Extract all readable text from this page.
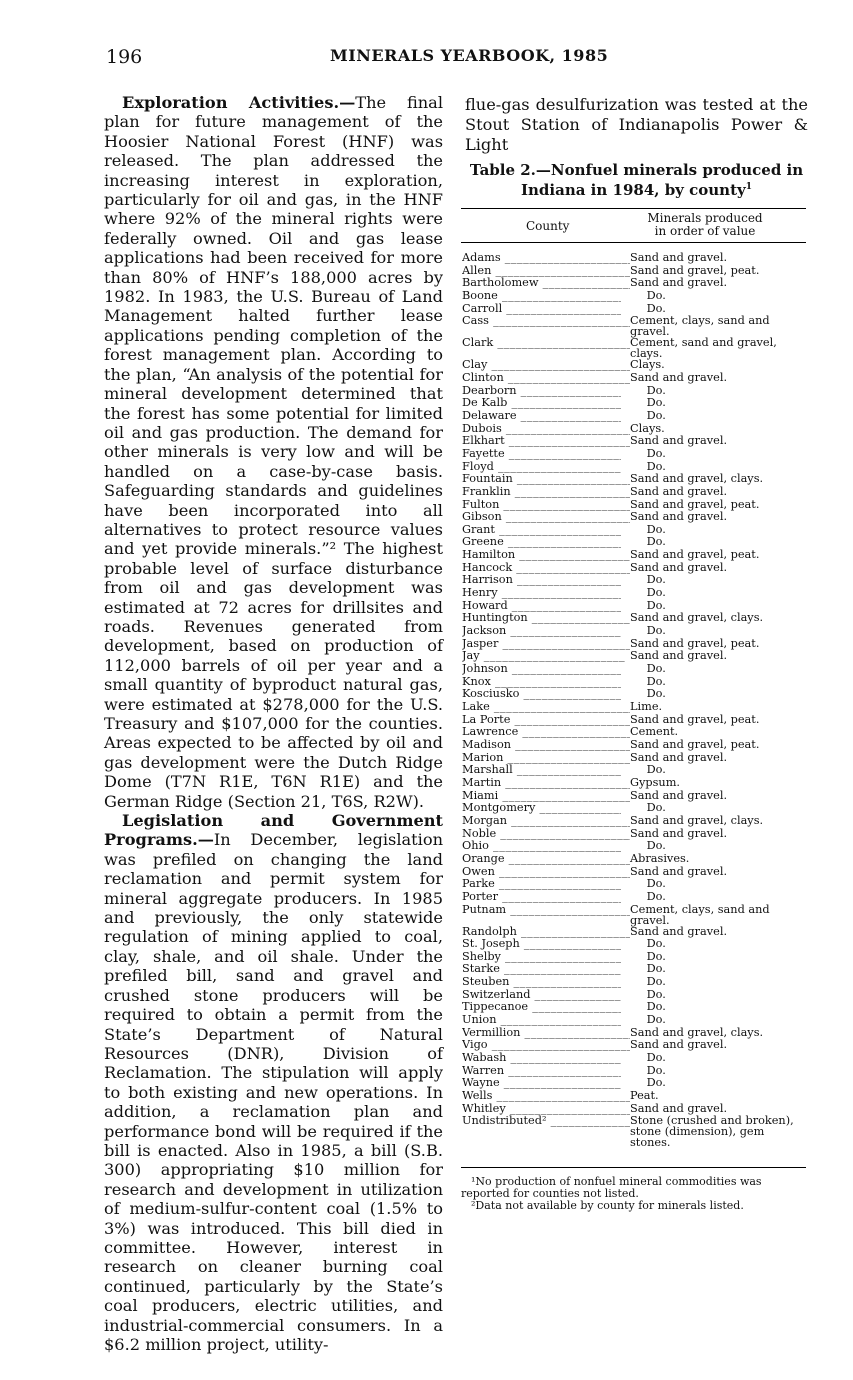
196	MINERALS YEARBOOK, 1985

Exploration Activities.—The final plan for future management of the Hoosier National Forest (HNF) was released. The plan addressed the increasing interest in exploration, particularly for oil and gas, in the HNF where 92% of the mineral rights were federally owned. Oil and gas lease applications had been received for more than 80% of HNF’s 188,000 acres by 1982. In 1983, the U.S. Bureau of Land Management halted further lease applications pending completion of the forest management plan. According to the plan, “An analysis of the potential for mineral development determined that the forest has some potential for limited oil and gas production. The demand for other minerals is very low and will be handled on a case-by-case basis. Safeguarding standards and guidelines have been incorporated into all alternatives to protect resource values and yet provide minerals.”² The highest probable level of surface disturbance from oil and gas development was estimated at 72 acres for drillsites and roads. Revenues generated from development, based on production of 112,000 barrels of oil per year and a small quantity of byproduct natural gas, were estimated at $278,000 for the U.S. Treasury and $107,000 for the counties. Areas expected to be affected by oil and gas development were the Dutch Ridge Dome (T7N R1E, T6N R1E) and the German Ridge (Section 21, T6S, R2W).

Legislation and Government Programs.—In December, legislation was prefiled on changing the land reclamation and permit system for mineral aggregate producers. In 1985 and previously, the only statewide regulation of mining applied to coal, clay, shale, and oil shale. Under the prefiled bill, sand and gravel and crushed stone producers will be required to obtain a permit from the State’s Department of Natural Resources (DNR), Division of Reclamation. The stipulation will apply to both existing and new operations. In addition, a reclamation plan and performance bond will be required if the bill is enacted. Also in 1985, a bill (S.B. 300) appropriating $10 million for research and development in utilization of medium-sulfur-content coal (1.5% to 3%) was introduced. This bill died in committee. However, interest in research on cleaner burning coal continued, particularly by the State’s coal producers, electric utilities, and industrial-commercial consumers. In a $6.2 million project, utility-

flue-gas desulfurization was tested at the Stout Station of Indianapolis Power & Light
Table 2.—Nonfuel minerals produced in
Indiana in 1984, by county$^1$
County
Minerals produced
in order of value
Adams _____	Sand and gravel.
Allen _____	Sand and gravel, peat.
Bartholomew _____	Sand and gravel.
Boone _____	Do.
Carroll _____	Do.
Cass _____	Cement, clays, sand and gravel.
Clark _____	Cement, sand and gravel, clays.
Clay _____	Clays.
Clinton _____	Sand and gravel.
Dearborn _____	Do.
De Kalb _____	Do.
Delaware _____	Do.
Dubois _____	Clays.
Elkhart _____	Sand and gravel.
Fayette _____	Do.
Floyd _____	Do.
Fountain _____	Sand and gravel, clays.
Franklin _____	Sand and gravel.
Fulton _____	Sand and gravel, peat.
Gibson _____	Sand and gravel.
Grant _____	Do.
Greene _____	Do.
Hamilton _____	Sand and gravel, peat.
Hancock _____	Sand and gravel.
Harrison _____	Do.
Henry _____	Do.
Howard _____	Do.
Huntington _____	Sand and gravel, clays.
Jackson _____	Do.
Jasper _____	Sand and gravel, peat.
Jay _____	Sand and gravel.
Johnson _____	Do.
Knox _____	Do.
Kosciusko _____	Do.
Lake _____	Lime.
La Porte _____	Sand and gravel, peat.
Lawrence _____	Cement.
Madison _____	Sand and gravel, peat.
Marion _____	Sand and gravel.
Marshall _____	Do.
Martin _____	Gypsum.
Miami _____	Sand and gravel.
Montgomery _____	Do.
Morgan _____	Sand and gravel, clays.
Noble _____	Sand and gravel.
Ohio _____	Do.
Orange _____	Abrasives.
Owen _____	Sand and gravel.
Parke _____	Do.
Porter _____	Do.
Putnam _____	Cement, clays, sand and gravel.
Randolph _____	Sand and gravel.
St. Joseph _____	Do.
Shelby _____	Do.
Starke _____	Do.
Steuben _____	Do.
Switzerland _____	Do.
Tippecanoe _____	Do.
Union _____	Do.
Vermillion _____	Sand and gravel, clays.
Vigo _____	Sand and gravel.
Wabash _____	Do.
Warren _____	Do.
Wayne _____	Do.
Wells _____	Peat.
Whitley _____	Sand and gravel.
Undistributed² _____	Stone (crushed and broken), stone (dimension), gem stones.

¹No production of nonfuel mineral commodities was reported for counties not listed.

²Data not available by county for minerals listed.
